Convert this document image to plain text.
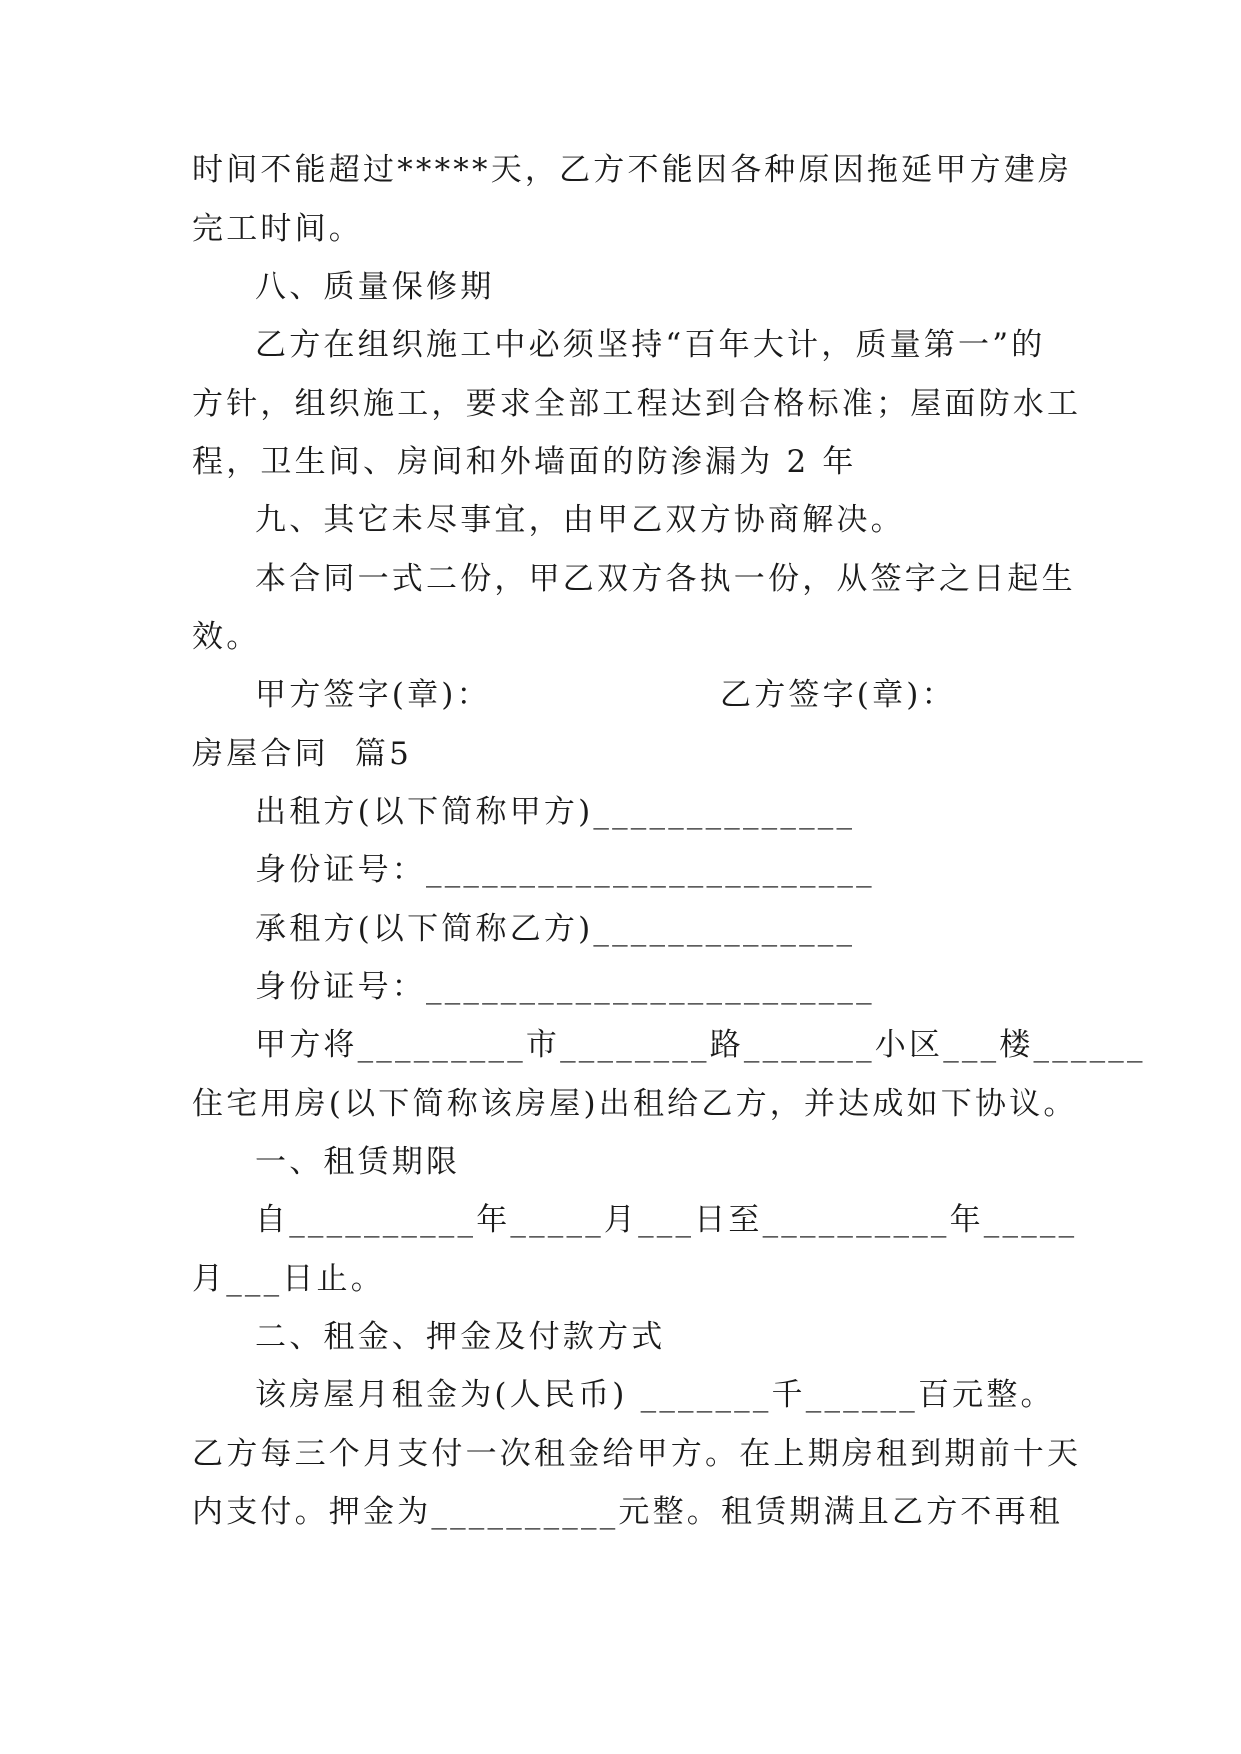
时间不能超过*****天，乙方不能因各种原因拖延甲方建房
完工时间。
八、质量保修期
乙方在组织施工中必须坚持“百年大计，质量第一”的
方针，组织施工，要求全部工程达到合格标准；屋面防水工
程，卫生间、房间和外墙面的防渗漏为 2 年
九、其它未尽事宜，由甲乙双方协商解决。
本合同一式二份，甲乙双方各执一份，从签字之日起生
效。
甲方签字(章)：	乙方签字(章)：
房屋合同  篇5
出租方(以下简称甲方)______________
身份证号：________________________
承租方(以下简称乙方)______________
身份证号：________________________
甲方将_________市________路_______小区___楼______
住宅用房(以下简称该房屋)出租给乙方，并达成如下协议。
一、租赁期限
自__________年_____月___日至__________年_____
月___日止。
二、租金、押金及付款方式
该房屋月租金为(人民币) _______千______百元整。
乙方每三个月支付一次租金给甲方。在上期房租到期前十天
内支付。押金为__________元整。租赁期满且乙方不再租
